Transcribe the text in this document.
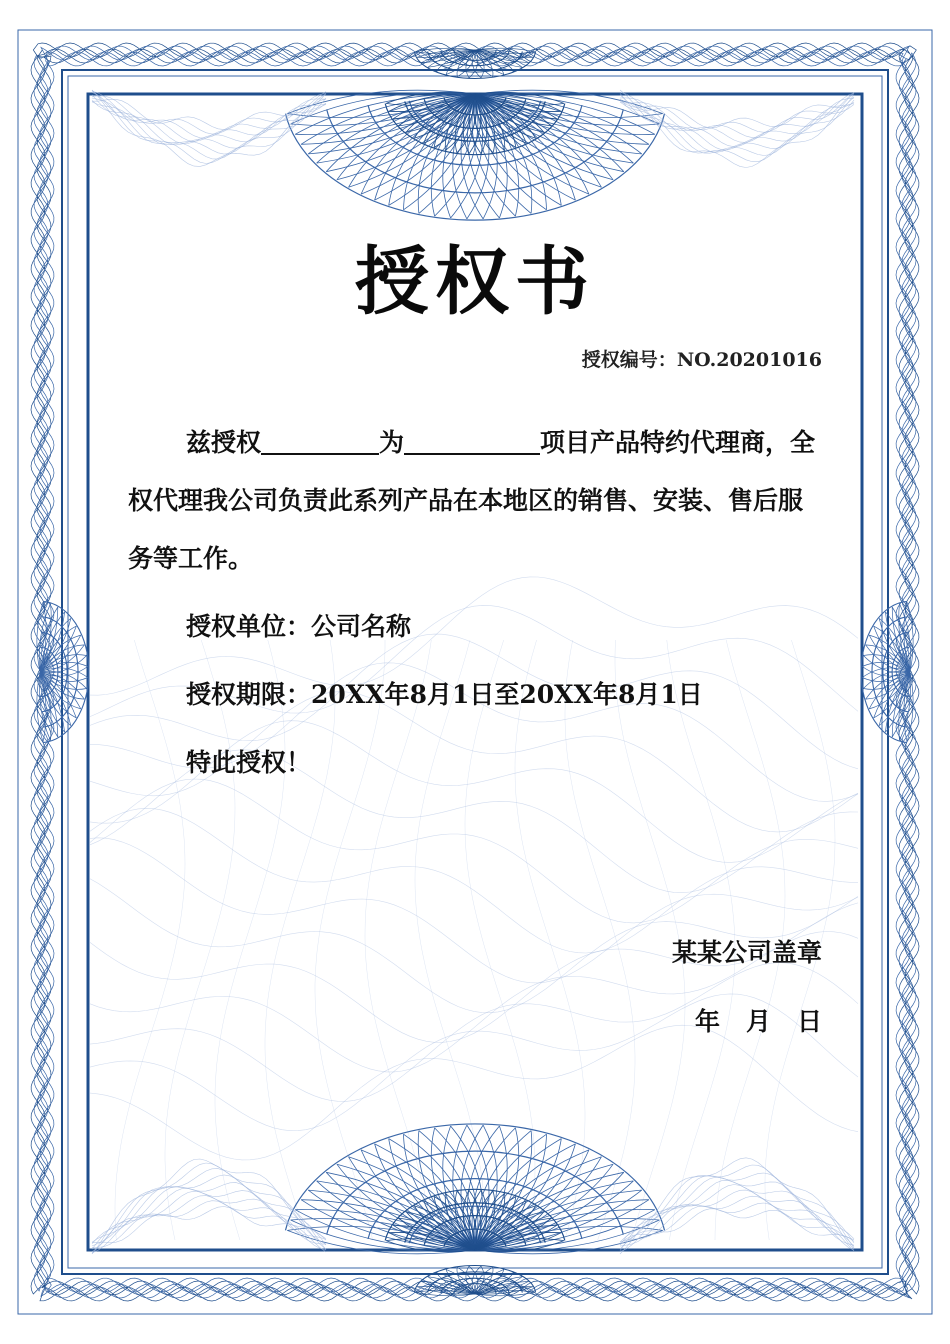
授权书
授权编号：NO.20201016

兹授权	为	项目产品特约代理商，全权代理我公司负责此系列产品在本地区的销售、安装、售后服务等工作。

授权单位：公司名称

授权期限：20XX年8月1日至20XX年8月1日

特此授权！

某某公司盖章
年 月 日
